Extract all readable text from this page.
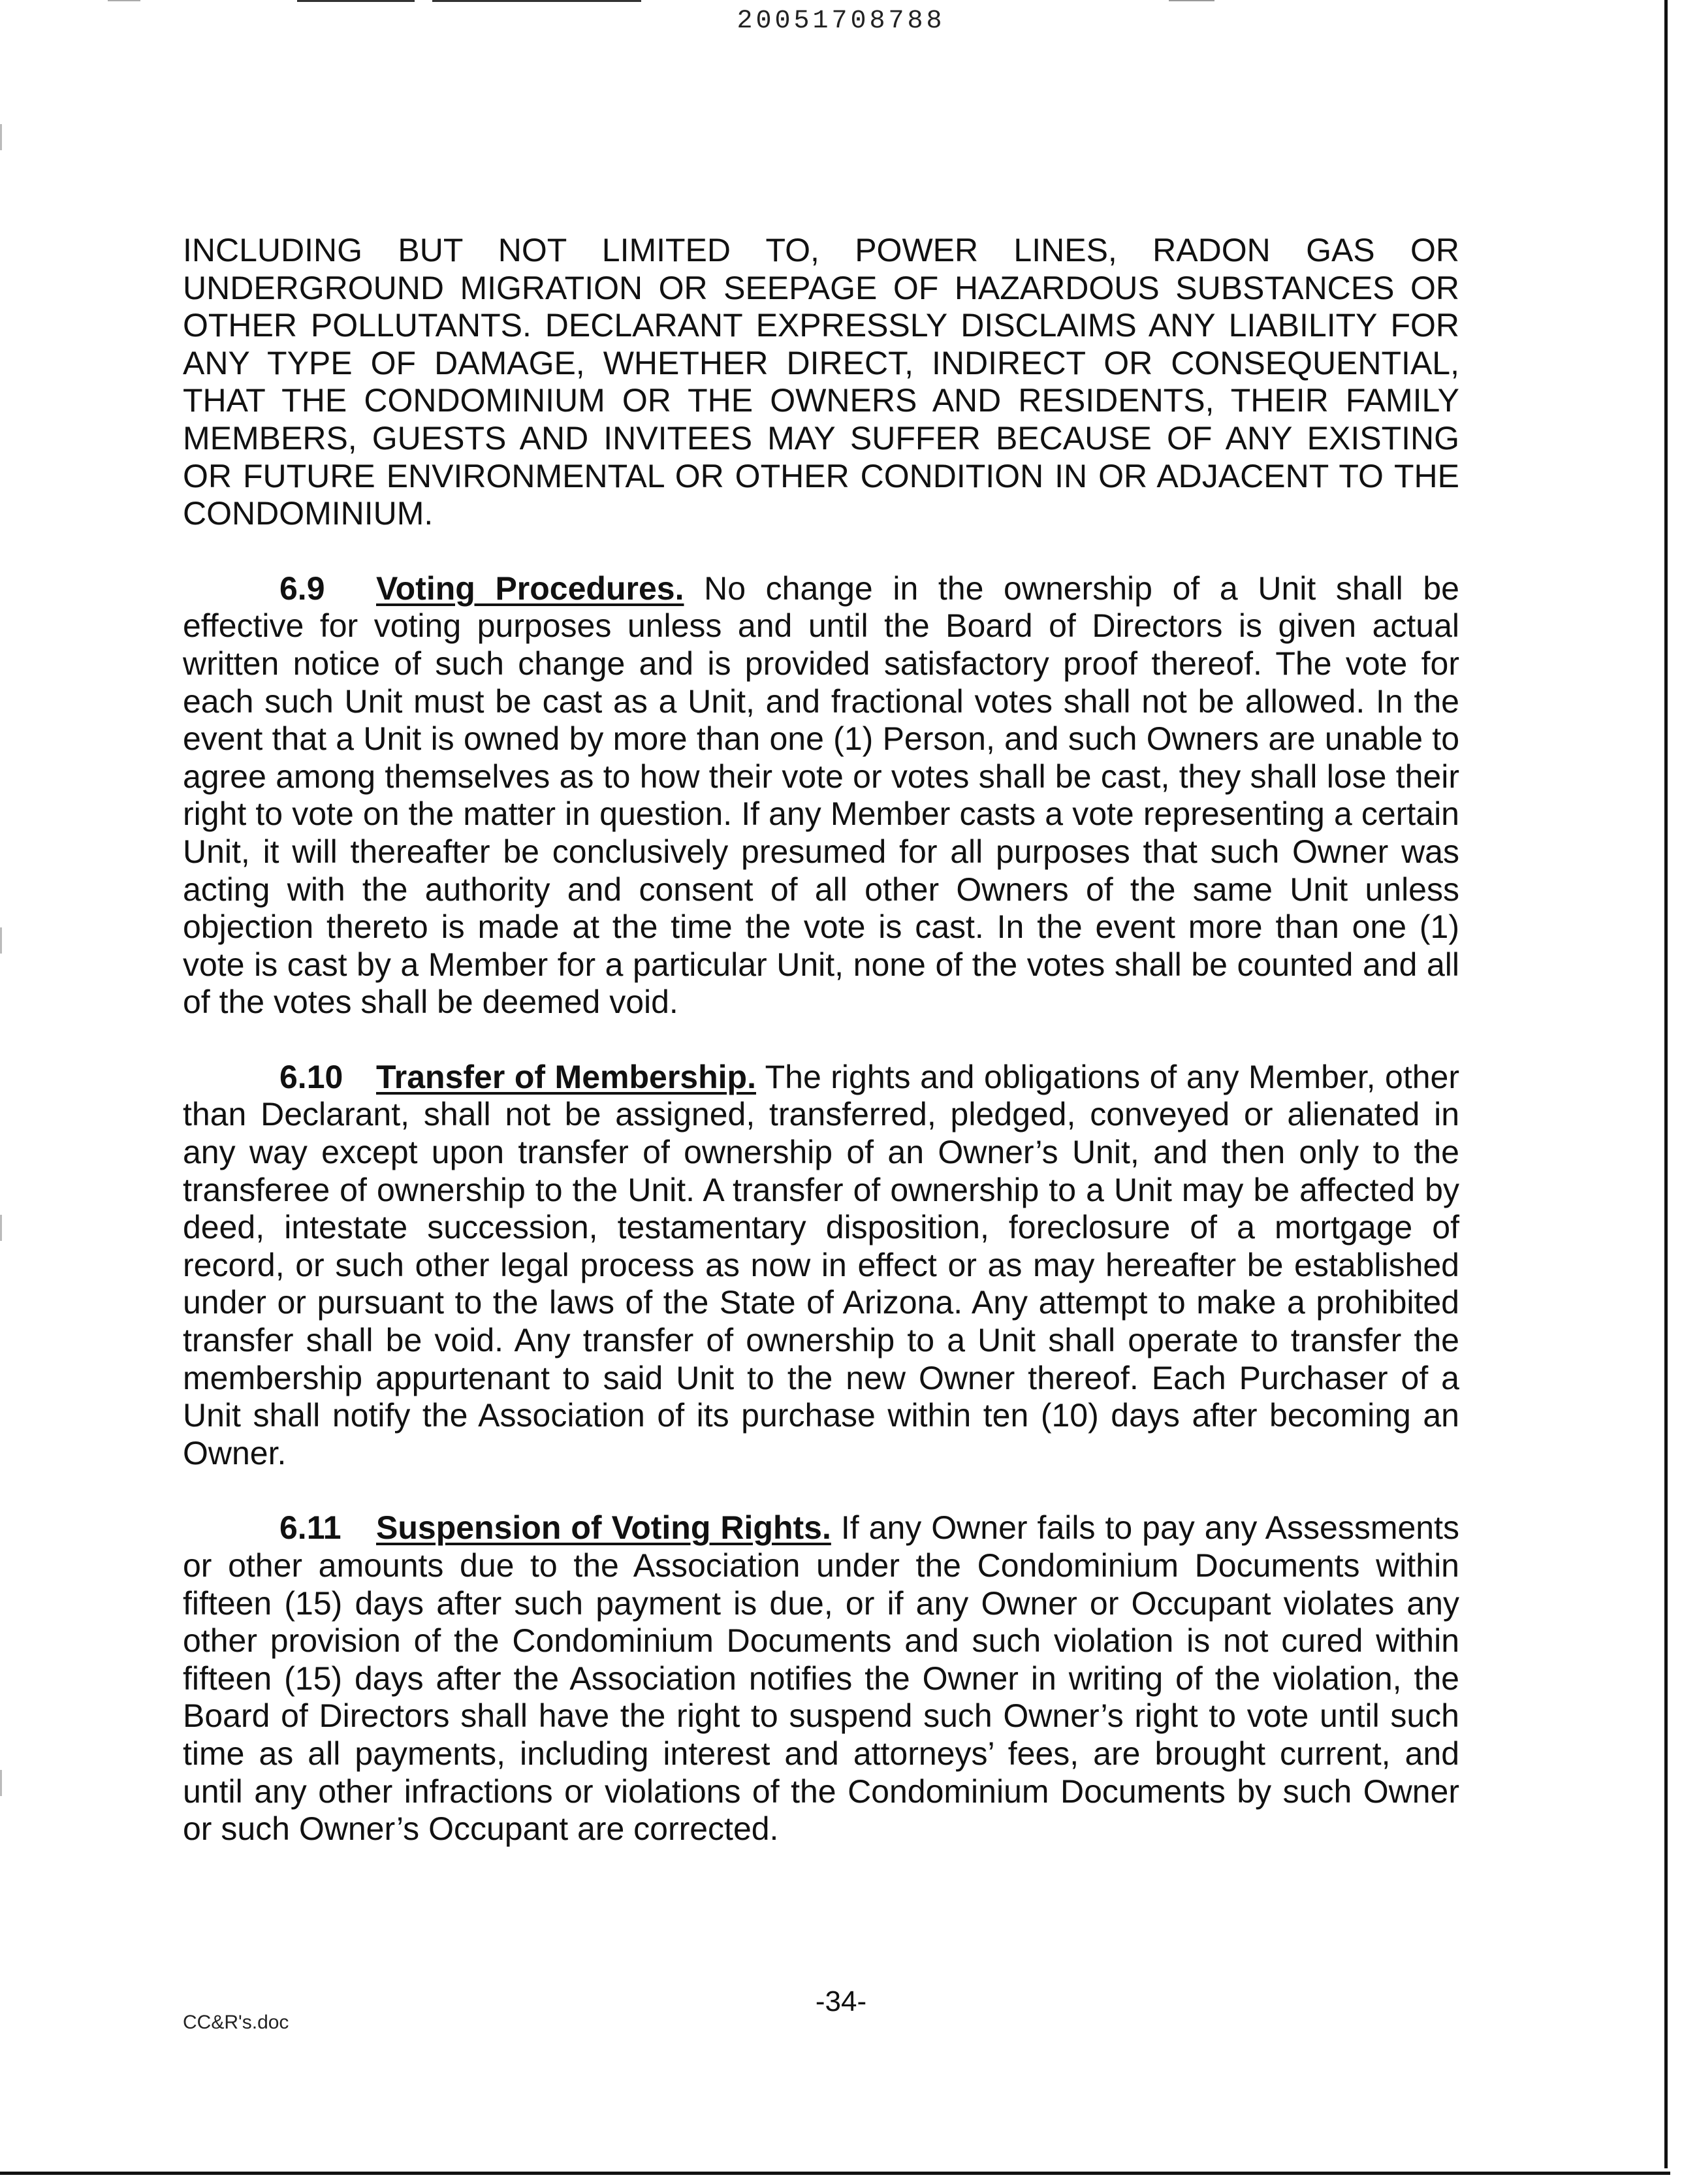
20051708788

INCLUDING BUT NOT LIMITED TO, POWER LINES, RADON GAS OR UNDERGROUND MIGRATION OR SEEPAGE OF HAZARDOUS SUBSTANCES OR OTHER POLLUTANTS. DECLARANT EXPRESSLY DISCLAIMS ANY LIABILITY FOR ANY TYPE OF DAMAGE, WHETHER DIRECT, INDIRECT OR CONSEQUENTIAL, THAT THE CONDOMINIUM OR THE OWNERS AND RESIDENTS, THEIR FAMILY MEMBERS, GUESTS AND INVITEES MAY SUFFER BECAUSE OF ANY EXISTING OR FUTURE ENVIRONMENTAL OR OTHER CONDITION IN OR ADJACENT TO THE CONDOMINIUM.

6.9 Voting Procedures. No change in the ownership of a Unit shall be effective for voting purposes unless and until the Board of Directors is given actual written notice of such change and is provided satisfactory proof thereof. The vote for each such Unit must be cast as a Unit, and fractional votes shall not be allowed. In the event that a Unit is owned by more than one (1) Person, and such Owners are unable to agree among themselves as to how their vote or votes shall be cast, they shall lose their right to vote on the matter in question. If any Member casts a vote representing a certain Unit, it will thereafter be conclusively presumed for all purposes that such Owner was acting with the authority and consent of all other Owners of the same Unit unless objection thereto is made at the time the vote is cast. In the event more than one (1) vote is cast by a Member for a particular Unit, none of the votes shall be counted and all of the votes shall be deemed void.

6.10 Transfer of Membership. The rights and obligations of any Member, other than Declarant, shall not be assigned, transferred, pledged, conveyed or alienated in any way except upon transfer of ownership of an Owner’s Unit, and then only to the transferee of ownership to the Unit. A transfer of ownership to a Unit may be affected by deed, intestate succession, testamentary disposition, foreclosure of a mortgage of record, or such other legal process as now in effect or as may hereafter be established under or pursuant to the laws of the State of Arizona. Any attempt to make a prohibited transfer shall be void. Any transfer of ownership to a Unit shall operate to transfer the membership appurtenant to said Unit to the new Owner thereof. Each Purchaser of a Unit shall notify the Association of its purchase within ten (10) days after becoming an Owner.

6.11 Suspension of Voting Rights. If any Owner fails to pay any Assessments or other amounts due to the Association under the Condominium Documents within fifteen (15) days after such payment is due, or if any Owner or Occupant violates any other provision of the Condominium Documents and such violation is not cured within fifteen (15) days after the Association notifies the Owner in writing of the violation, the Board of Directors shall have the right to suspend such Owner’s right to vote until such time as all payments, including interest and attorneys’ fees, are brought current, and until any other infractions or violations of the Condominium Documents by such Owner or such Owner’s Occupant are corrected.

-34-
CC&R's.doc
